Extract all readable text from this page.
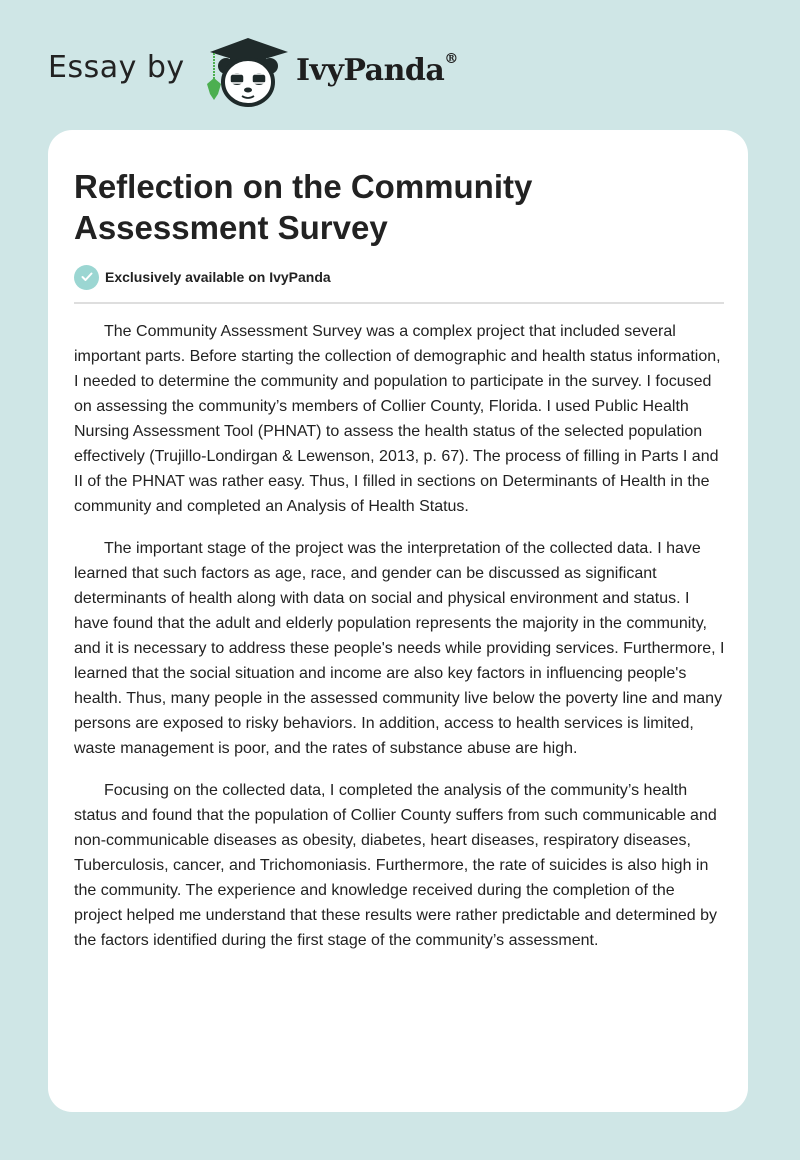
Essay by	IvyPanda®
Reflection on the Community Assessment Survey
Exclusively available on IvyPanda

The Community Assessment Survey was a complex project that included several important parts. Before starting the collection of demographic and health status information, I needed to determine the community and population to participate in the survey. I focused on assessing the community’s members of Collier County, Florida. I used Public Health Nursing Assessment Tool (PHNAT) to assess the health status of the selected population effectively (Trujillo-Londirgan & Lewenson, 2013, p. 67). The process of filling in Parts I and II of the PHNAT was rather easy. Thus, I filled in sections on Determinants of Health in the community and completed an Analysis of Health Status.

The important stage of the project was the interpretation of the collected data. I have learned that such factors as age, race, and gender can be discussed as significant determinants of health along with data on social and physical environment and status. I have found that the adult and elderly population represents the majority in the community, and it is necessary to address these people's needs while providing services. Furthermore, I learned that the social situation and income are also key factors in influencing people's health. Thus, many people in the assessed community live below the poverty line and many persons are exposed to risky behaviors. In addition, access to health services is limited, waste management is poor, and the rates of substance abuse are high.

Focusing on the collected data, I completed the analysis of the community’s health status and found that the population of Collier County suffers from such communicable and non-communicable diseases as obesity, diabetes, heart diseases, respiratory diseases, Tuberculosis, cancer, and Trichomoniasis. Furthermore, the rate of suicides is also high in the community. The experience and knowledge received during the completion of the project helped me understand that these results were rather predictable and determined by the factors identified during the first stage of the community’s assessment.
